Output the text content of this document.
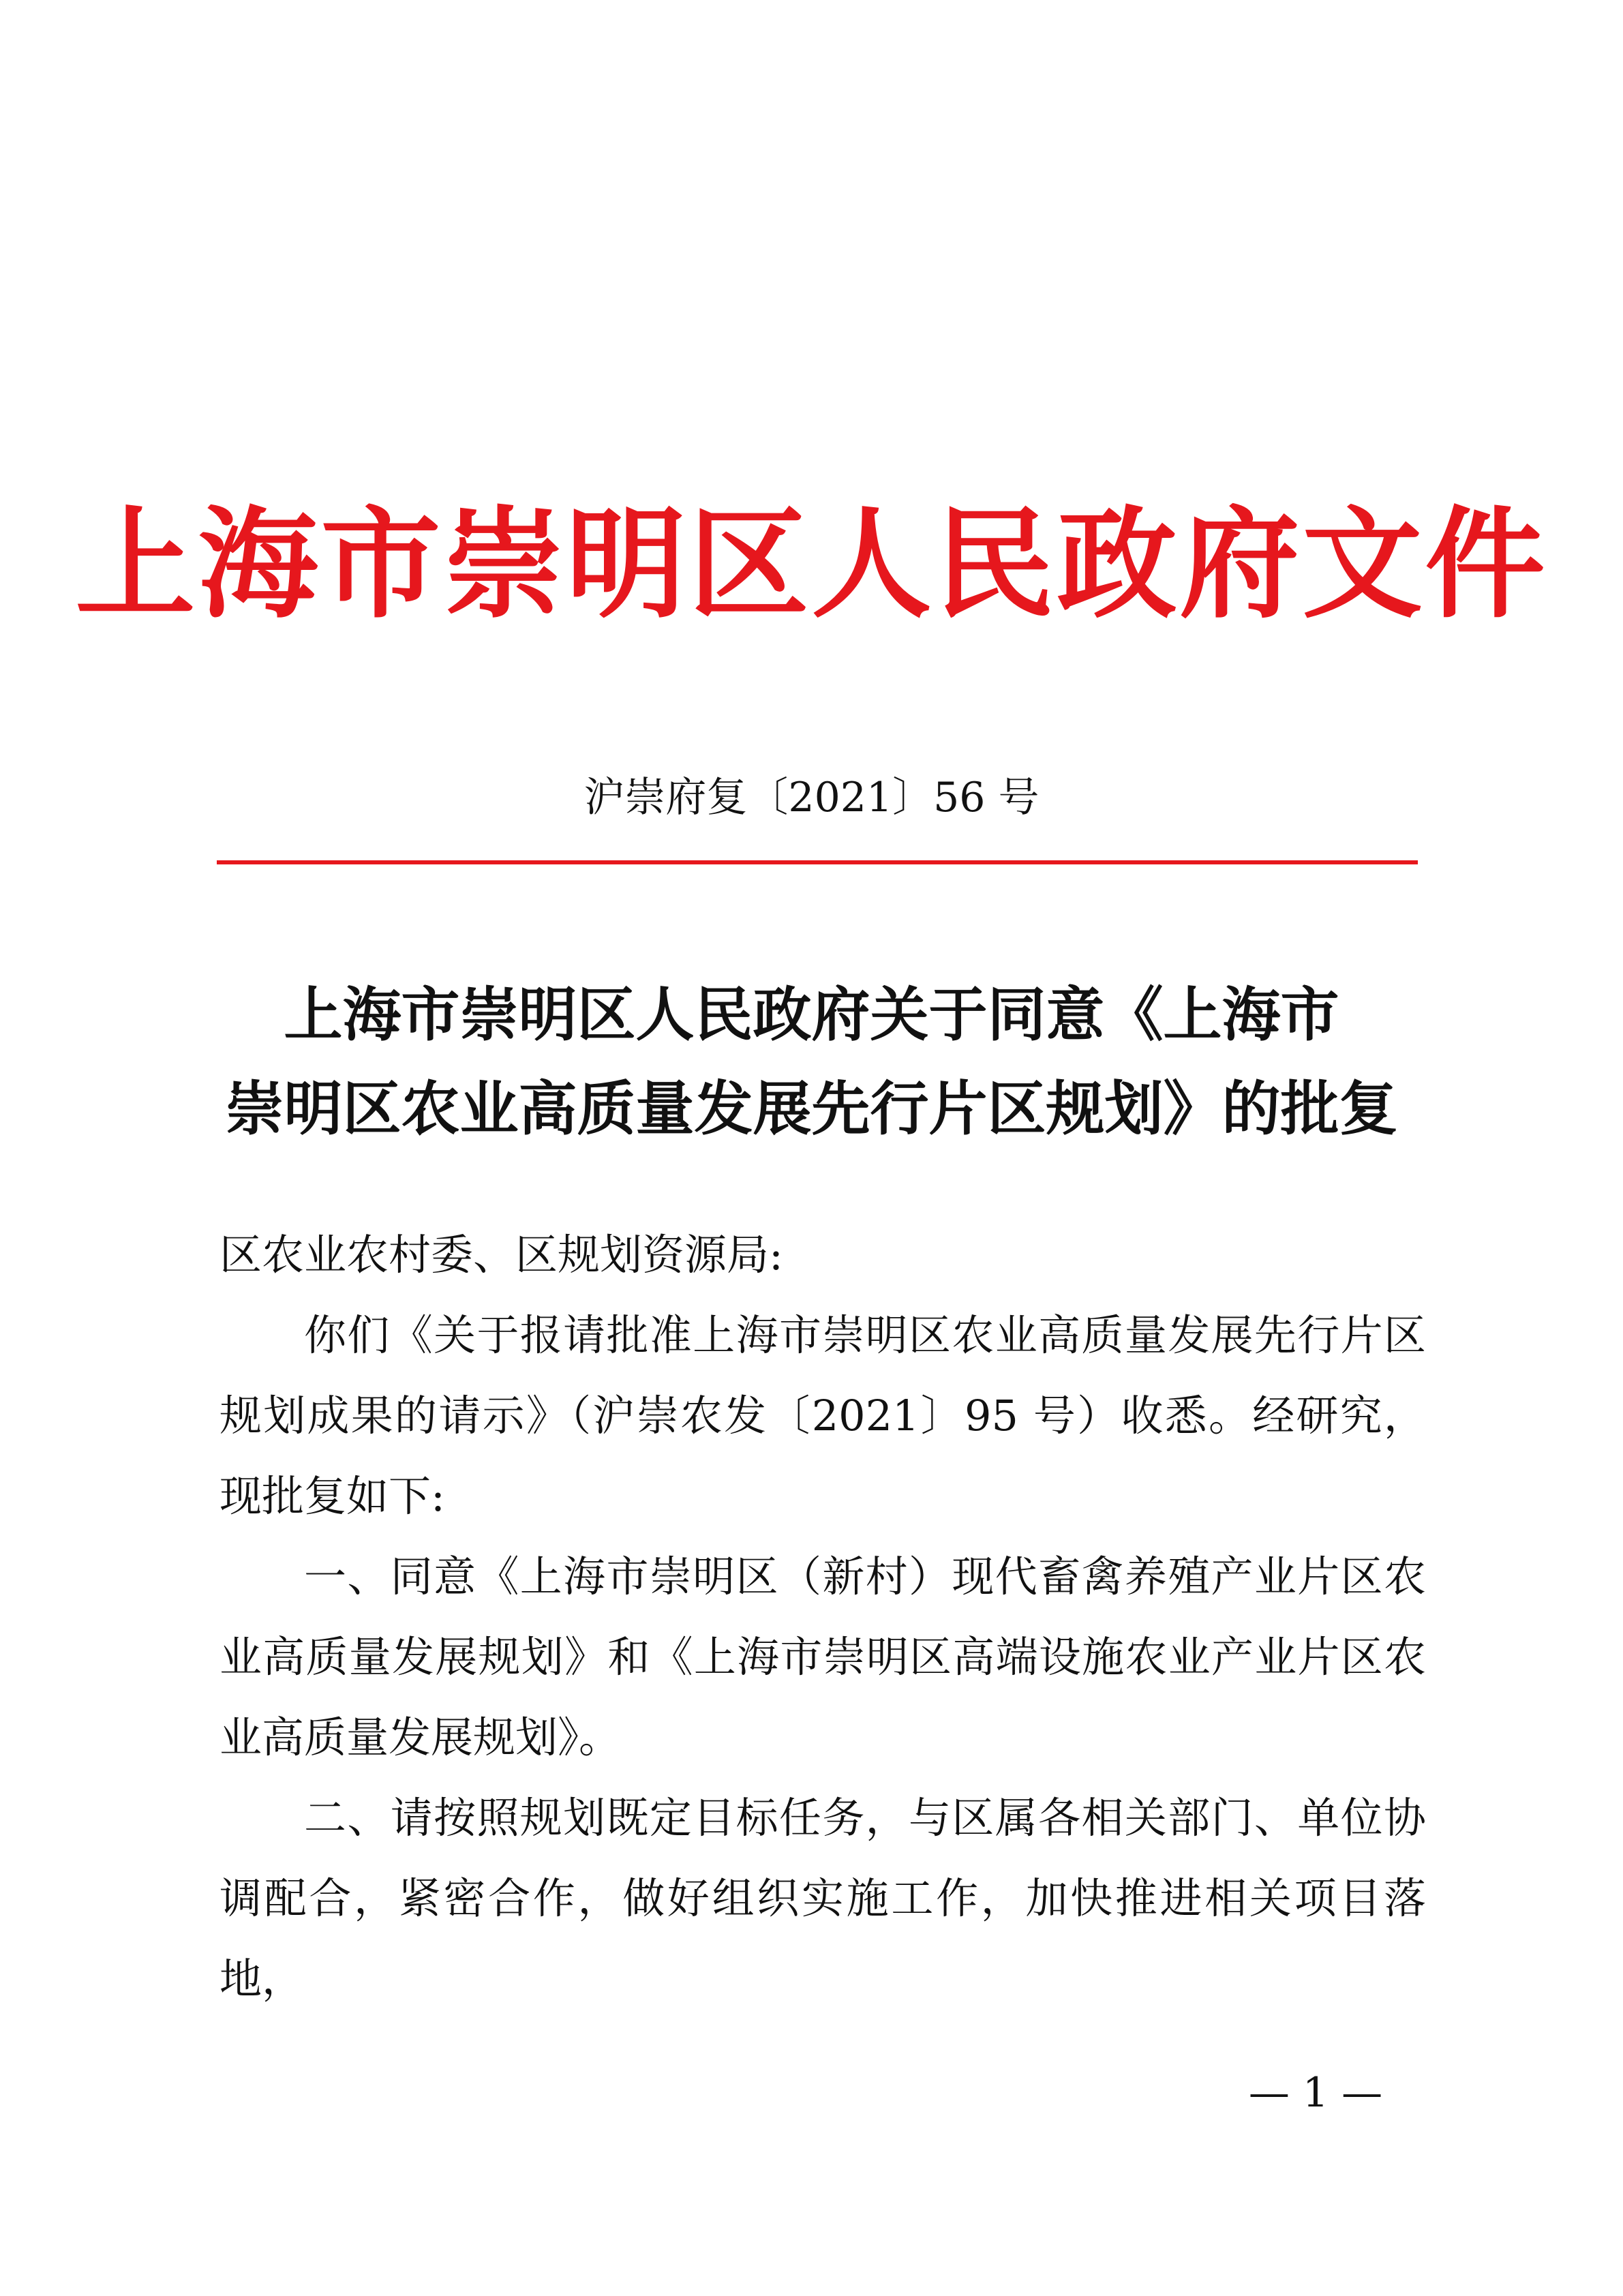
上海市崇明区人民政府文件
沪崇府复〔2021〕56 号
上海市崇明区人民政府关于同意《上海市
崇明区农业高质量发展先行片区规划》的批复
区农业农村委、区规划资源局:
你们《关于报请批准上海市崇明区农业高质量发展先行片区规划成果的请示》（沪崇农发〔2021〕95 号）收悉。经研究，现批复如下:
一、同意《上海市崇明区（新村）现代畜禽养殖产业片区农业高质量发展规划》和《上海市崇明区高端设施农业产业片区农业高质量发展规划》。
二、请按照规划既定目标任务，与区属各相关部门、单位协调配合，紧密合作，做好组织实施工作，加快推进相关项目落地，
— 1 —
